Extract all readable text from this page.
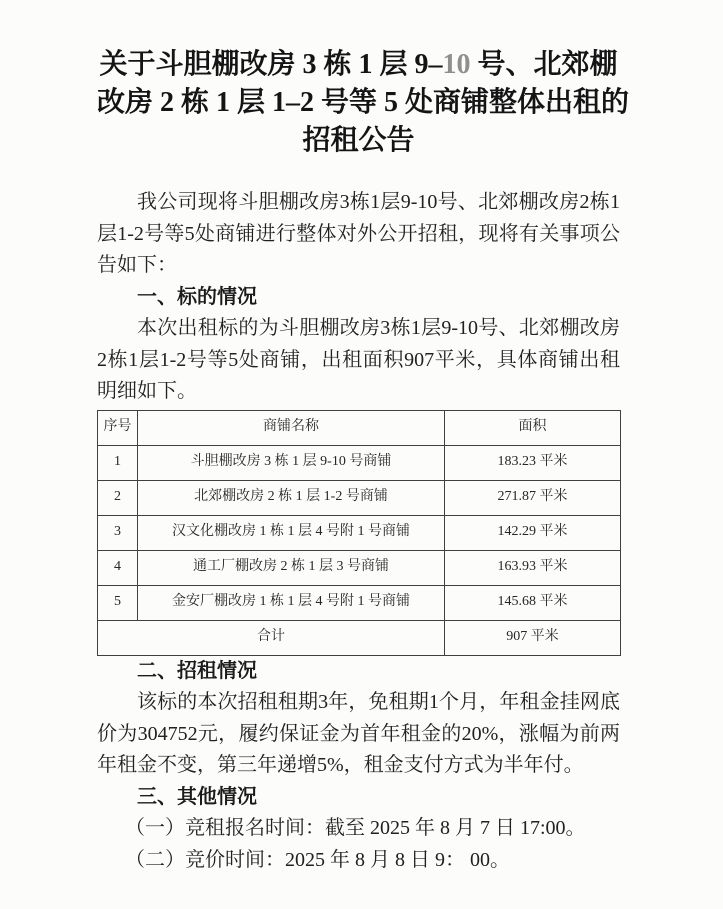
关于斗胆棚改房 3 栋 1 层 9–10 号、北郊棚
改房 2 栋 1 层 1–2 号等 5 处商铺整体出租的
招租公告

我公司现将斗胆棚改房3栋1层9-10号、北郊棚改房2栋1层1-2号等5处商铺进行整体对外公开招租，现将有关事项公告如下：

一、标的情况

本次出租标的为斗胆棚改房3栋1层9-10号、北郊棚改房2栋1层1-2号等5处商铺，出租面积907平米，具体商铺出租明细如下。

序号	商铺名称	面积
1	斗胆棚改房 3 栋 1 层 9-10 号商铺	183.23 平米
2	北郊棚改房 2 栋 1 层 1-2 号商铺	271.87 平米
3	汉文化棚改房 1 栋 1 层 4 号附 1 号商铺	142.29 平米
4	通工厂棚改房 2 栋 1 层 3 号商铺	163.93 平米
5	金安厂棚改房 1 栋 1 层 4 号附 1 号商铺	145.68 平米
合计		907 平米
二、招租情况

该标的本次招租租期3年，免租期1个月，年租金挂网底价为304752元，履约保证金为首年租金的20%，涨幅为前两年租金不变，第三年递增5%，租金支付方式为半年付。

三、其他情况

（一）竞租报名时间：截至 2025 年 8 月 7 日 17:00。

（二）竞价时间：2025 年 8 月 8 日 9： 00。
